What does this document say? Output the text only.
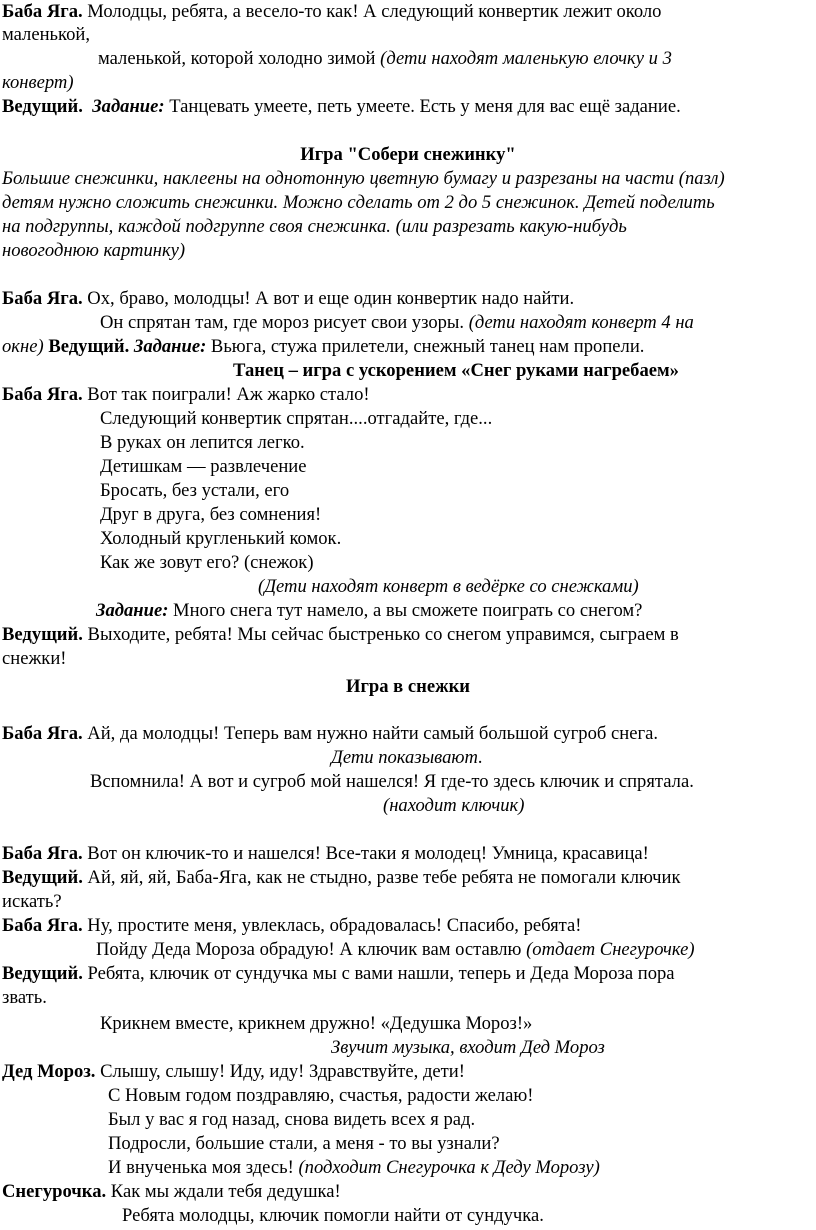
Баба Яга. Молодцы, ребята, а весело-то как! А следующий конвертик лежит около
маленькой,
маленькой, которой холодно зимой (дети находят маленькую елочку и 3
конверт)
Ведущий. Задание: Танцевать умеете, петь умеете. Есть у меня для вас ещё задание.
Игра "Собери снежинку"
Большие снежинки, наклеены на однотонную цветную бумагу и разрезаны на части (пазл)
детям нужно сложить снежинки. Можно сделать от 2 до 5 снежинок. Детей поделить
на подгруппы, каждой подгруппе своя снежинка. (или разрезать какую-нибудь
новогоднюю картинку)
Баба Яга. Ох, браво, молодцы! А вот и еще один конвертик надо найти.
Он спрятан там, где мороз рисует свои узоры. (дети находят конверт 4 на
окне) Ведущий. Задание: Вьюга, стужа прилетели, снежный танец нам пропели.
Танец – игра с ускорением «Снег руками нагребаем»
Баба Яга. Вот так поиграли! Аж жарко стало!
Следующий конвертик спрятан....отгадайте, где...
В руках он лепится легко.
Детишкам — развлечение
Бросать, без устали, его
Друг в друга, без сомнения!
Холодный кругленький комок.
Как же зовут его? (снежок)
(Дети находят конверт в ведёрке со снежками)
Задание: Много снега тут намело, а вы сможете поиграть со снегом?
Ведущий. Выходите, ребята! Мы сейчас быстренько со снегом управимся, сыграем в
снежки!
Игра в снежки
Баба Яга. Ай, да молодцы! Теперь вам нужно найти самый большой сугроб снега.
Дети показывают.
Вспомнила! А вот и сугроб мой нашелся! Я где-то здесь ключик и спрятала.
(находит ключик)
Баба Яга. Вот он ключик-то и нашелся! Все-таки я молодец! Умница, красавица!
Ведущий. Ай, яй, яй, Баба-Яга, как не стыдно, разве тебе ребята не помогали ключик
искать?
Баба Яга. Ну, простите меня, увлеклась, обрадовалась! Спасибо, ребята!
Пойду Деда Мороза обрадую! А ключик вам оставлю (отдает Снегурочке)
Ведущий. Ребята, ключик от сундучка мы с вами нашли, теперь и Деда Мороза пора
звать.
Крикнем вместе, крикнем дружно! «Дедушка Мороз!»
Звучит музыка, входит Дед Мороз
Дед Мороз. Слышу, слышу! Иду, иду! Здравствуйте, дети!
С Новым годом поздравляю, счастья, радости желаю!
Был у вас я год назад, снова видеть всех я рад.
Подросли, большие стали, а меня - то вы узнали?
И внученька моя здесь! (подходит Снегурочка к Деду Морозу)
Снегурочка. Как мы ждали тебя дедушка!
Ребята молодцы, ключик помогли найти от сундучка.
